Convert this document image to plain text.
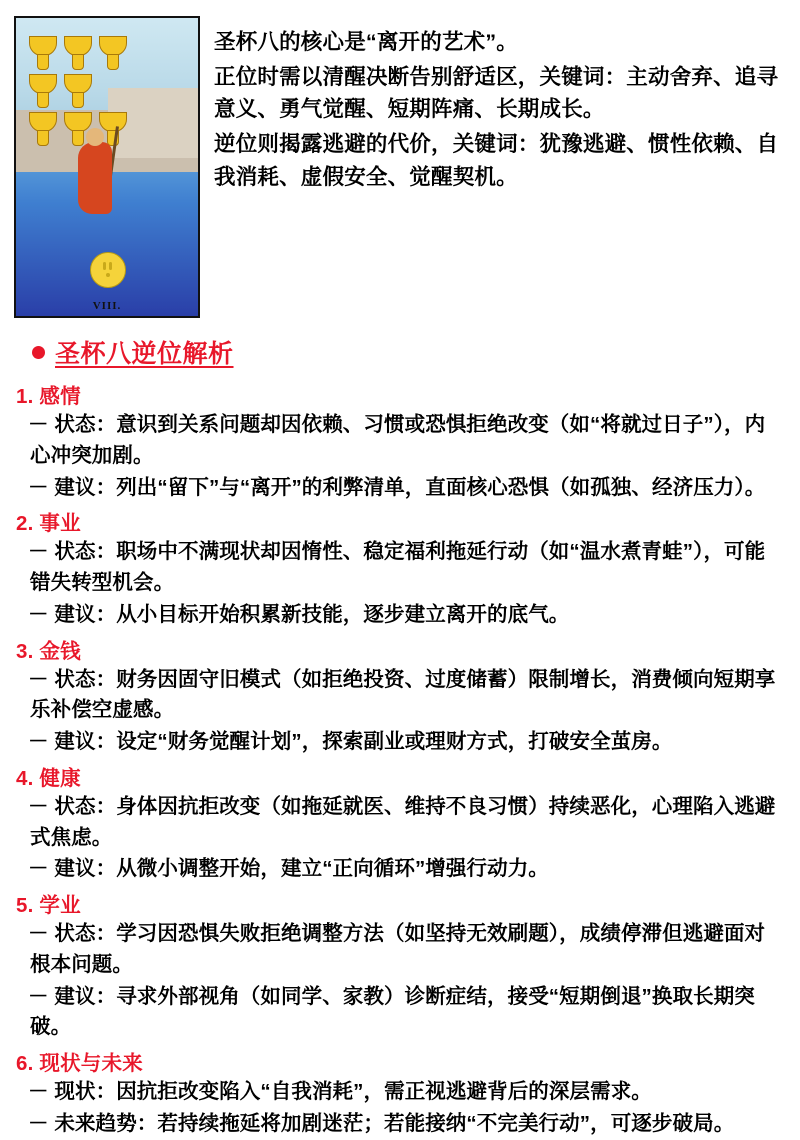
VIII.

圣杯八的核心是“离开的艺术”。

正位时需以清醒决断告别舒适区，关键词：主动舍弃、追寻意义、勇气觉醒、短期阵痛、长期成长。

逆位则揭露逃避的代价，关键词：犹豫逃避、惯性依赖、自我消耗、虚假安全、觉醒契机。

圣杯八逆位解析
1. 感情
－ 状态：意识到关系问题却因依赖、习惯或恐惧拒绝改变（如“将就过日子”），内心冲突加剧。
－ 建议：列出“留下”与“离开”的利弊清单，直面核心恐惧（如孤独、经济压力）。
2. 事业
－ 状态：职场中不满现状却因惰性、稳定福利拖延行动（如“温水煮青蛙”），可能错失转型机会。
－ 建议：从小目标开始积累新技能，逐步建立离开的底气。
3. 金钱
－ 状态：财务因固守旧模式（如拒绝投资、过度储蓄）限制增长，消费倾向短期享乐补偿空虚感。
－ 建议：设定“财务觉醒计划”，探索副业或理财方式，打破安全茧房。
4. 健康
－ 状态：身体因抗拒改变（如拖延就医、维持不良习惯）持续恶化，心理陷入逃避式焦虑。
－ 建议：从微小调整开始，建立“正向循环”增强行动力。
5. 学业
－ 状态：学习因恐惧失败拒绝调整方法（如坚持无效刷题），成绩停滞但逃避面对根本问题。
－ 建议：寻求外部视角（如同学、家教）诊断症结，接受“短期倒退”换取长期突破。
6. 现状与未来
－ 现状：因抗拒改变陷入“自我消耗”，需正视逃避背后的深层需求。
－ 未来趋势：若持续拖延将加剧迷茫；若能接纳“不完美行动”，可逐步破局。
